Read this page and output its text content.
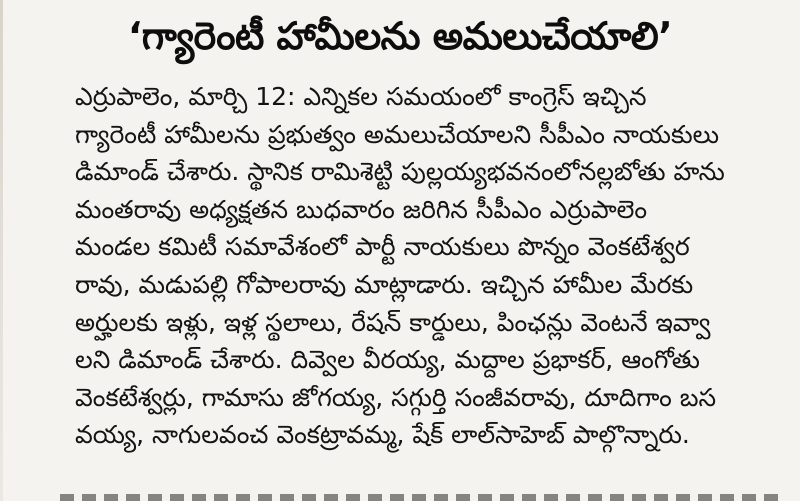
‘గ్యారెంటీ హామీలను అమలుచేయాలి’
ఎర్రుపాలెం, మార్చి 12: ఎన్నికల సమయంలో కాంగ్రెస్ ఇచ్చిన
గ్యారెంటీ హామీలను ప్రభుత్వం అమలుచేయాలని సీపీఎం నాయకులు
డిమాండ్ చేశారు. స్థానిక రామిశెట్టి పుల్లయ్యభవనంలోనల్లబోతు హను
మంతరావు అధ్యక్షతన బుధవారం జరిగిన సీపీఎం ఎర్రుపాలెం
మండల కమిటీ సమావేశంలో పార్టీ నాయకులు పొన్నం వెంకటేశ్వర
రావు, మడుపల్లి గోపాలరావు మాట్లాడారు. ఇచ్చిన హామీల మేరకు
అర్హులకు ఇళ్లు, ఇళ్ల స్థలాలు, రేషన్ కార్డులు, పింఛన్లు వెంటనే ఇవ్వా
లని డిమాండ్ చేశారు. దివ్వెల వీరయ్య, మద్దాల ప్రభాకర్, ఆంగోతు
వెంకటేశ్వర్లు, గామాసు జోగయ్య, సగ్గుర్తి సంజీవరావు, దూదిగాం బస
వయ్య, నాగులవంచ వెంకట్రావమ్మ, షేక్ లాల్‌సాహెబ్ పాల్గొన్నారు.
